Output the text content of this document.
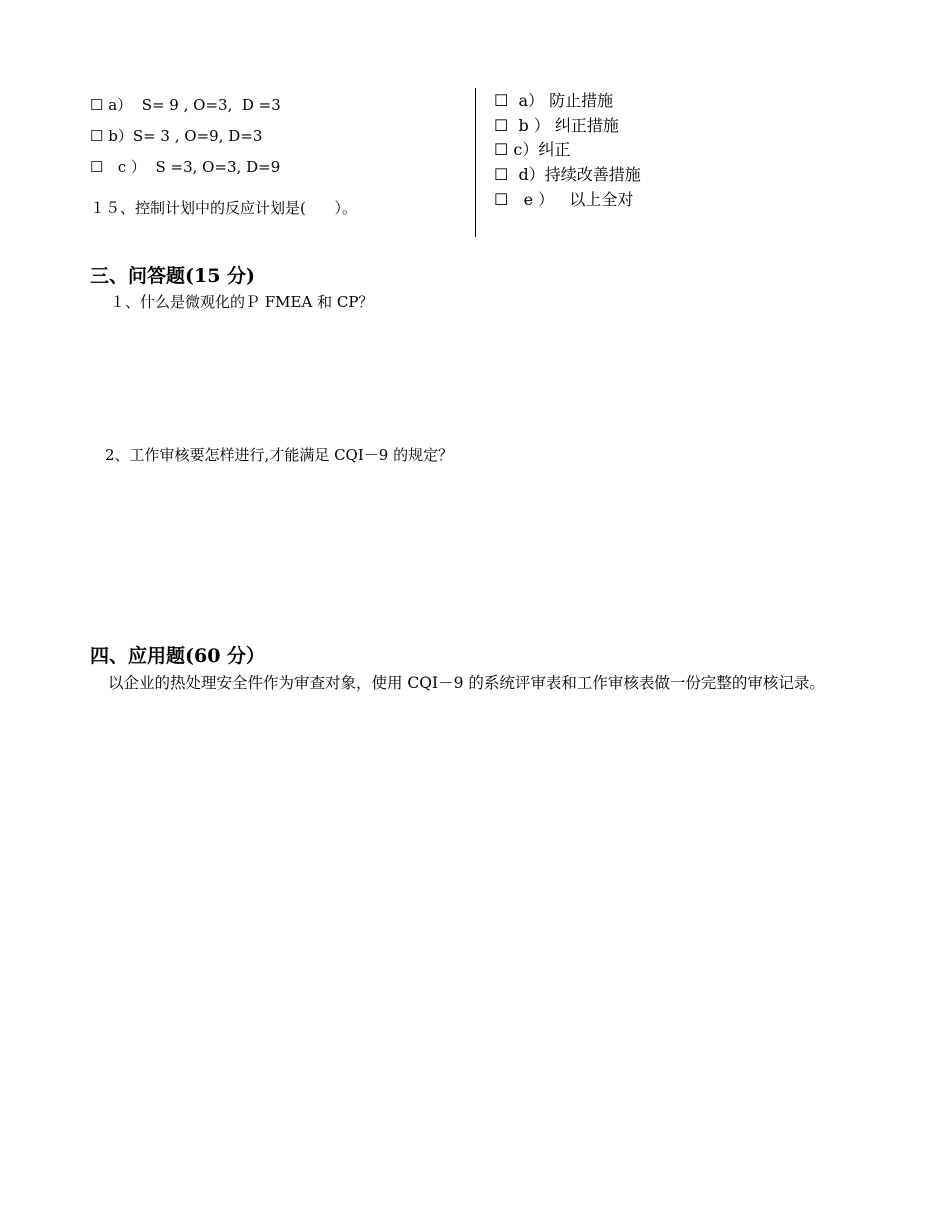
☐ a）  S= 9 , O=3,  D =3
☐ b）S= 3 , O=9, D=3
☐   c ）  S =3, O=3, D=9
１５、控制计划中的反应计划是(      ）。
☐  a） 防止措施
☐  b ） 纠正措施
☐ c）纠正
☐  d）持续改善措施
☐   e ）   以上全对
三、问答题(15 分)
１、什么是微观化的Ｐ FMEA 和 CP？
2、工作审核要怎样进行,才能满足 CQI－9 的规定？
四、应用题(60 分）
以企业的热处理安全件作为审查对象，使用 CQI－9 的系统评审表和工作审核表做一份完整的审核记录。
